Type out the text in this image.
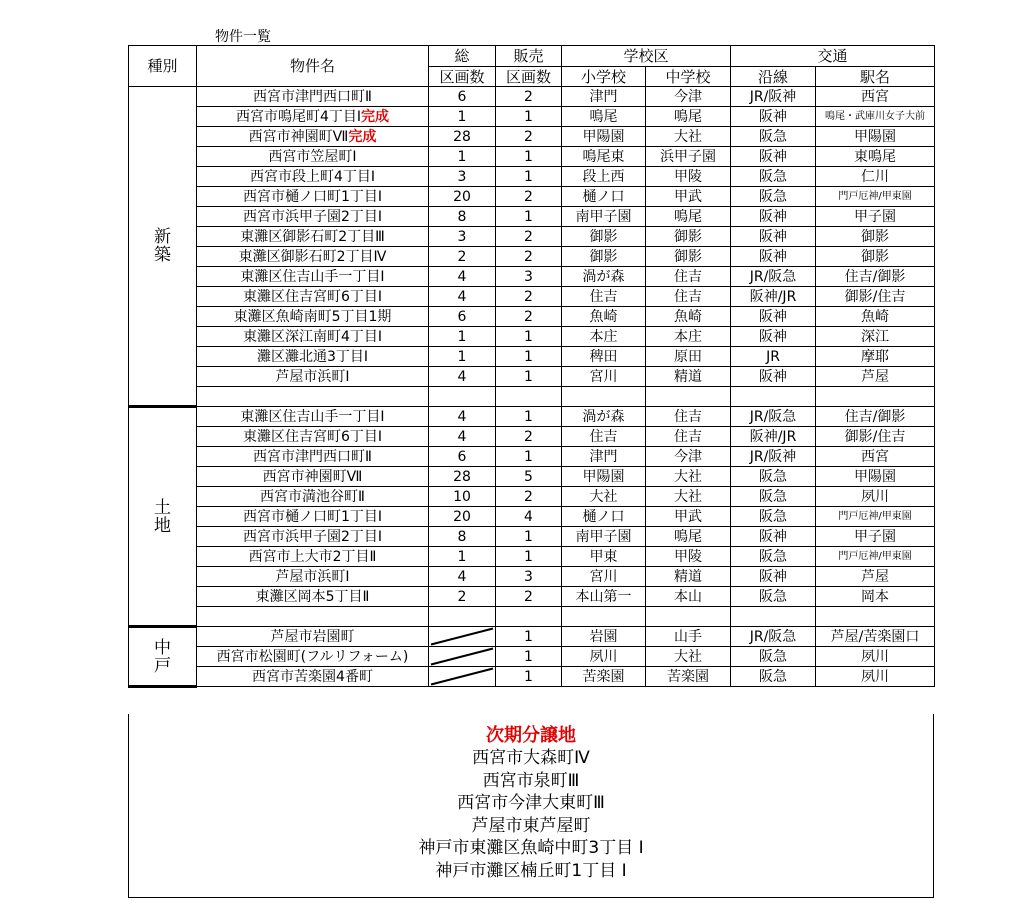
物件一覧
種別	物件名	総	販売	学校区		交通	
		区画数	区画数	小学校	中学校	沿線	駅名
新築	西宮市津門西口町Ⅱ	6	2	津門	今津	JR/阪神	西宮
	西宮市鳴尾町4丁目Ⅰ完成	1	1	鳴尾	鳴尾	阪神	鳴尾・武庫川女子大前
	西宮市神園町Ⅶ完成	28	2	甲陽園	大社	阪急	甲陽園
	西宮市笠屋町Ⅰ	1	1	鳴尾東	浜甲子園	阪神	東鳴尾
	西宮市段上町4丁目Ⅰ	3	1	段上西	甲陵	阪急	仁川
	西宮市樋ノ口町1丁目Ⅰ	20	2	樋ノ口	甲武	阪急	門戸厄神/甲東園
	西宮市浜甲子園2丁目Ⅰ	8	1	南甲子園	鳴尾	阪神	甲子園
	東灘区御影石町2丁目Ⅲ	3	2	御影	御影	阪神	御影
	東灘区御影石町2丁目Ⅳ	2	2	御影	御影	阪神	御影
	東灘区住吉山手一丁目Ⅰ	4	3	渦が森	住吉	JR/阪急	住吉/御影
	東灘区住吉宮町6丁目Ⅰ	4	2	住吉	住吉	阪神/JR	御影/住吉
	東灘区魚崎南町5丁目1期	6	2	魚崎	魚崎	阪神	魚崎
	東灘区深江南町4丁目Ⅰ	1	1	本庄	本庄	阪神	深江
	灘区灘北通3丁目Ⅰ	1	1	稗田	原田	JR	摩耶
	芦屋市浜町Ⅰ	4	1	宮川	精道	阪神	芦屋

土地	東灘区住吉山手一丁目Ⅰ	4	1	渦が森	住吉	JR/阪急	住吉/御影
	東灘区住吉宮町6丁目Ⅰ	4	2	住吉	住吉	阪神/JR	御影/住吉
	西宮市津門西口町Ⅱ	6	1	津門	今津	JR/阪神	西宮
	西宮市神園町Ⅶ	28	5	甲陽園	大社	阪急	甲陽園
	西宮市満池谷町Ⅱ	10	2	大社	大社	阪急	夙川
	西宮市樋ノ口町1丁目Ⅰ	20	4	樋ノ口	甲武	阪急	門戸厄神/甲東園
	西宮市浜甲子園2丁目Ⅰ	8	1	南甲子園	鳴尾	阪神	甲子園
	西宮市上大市2丁目Ⅱ	1	1	甲東	甲陵	阪急	門戸厄神/甲東園
	芦屋市浜町Ⅰ	4	3	宮川	精道	阪神	芦屋
	東灘区岡本5丁目Ⅱ	2	2	本山第一	本山	阪急	岡本

中戸	芦屋市岩園町		1	岩園	山手	JR/阪急	芦屋/苦楽園口
	西宮市松園町(フルリフォーム)		1	夙川	大社	阪急	夙川
	西宮市苦楽園4番町		1	苦楽園	苦楽園	阪急	夙川
次期分譲地
西宮市大森町Ⅳ
西宮市泉町Ⅲ
西宮市今津大東町Ⅲ
芦屋市東芦屋町
神戸市東灘区魚崎中町3丁目 Ⅰ
神戸市灘区楠丘町1丁目 Ⅰ
